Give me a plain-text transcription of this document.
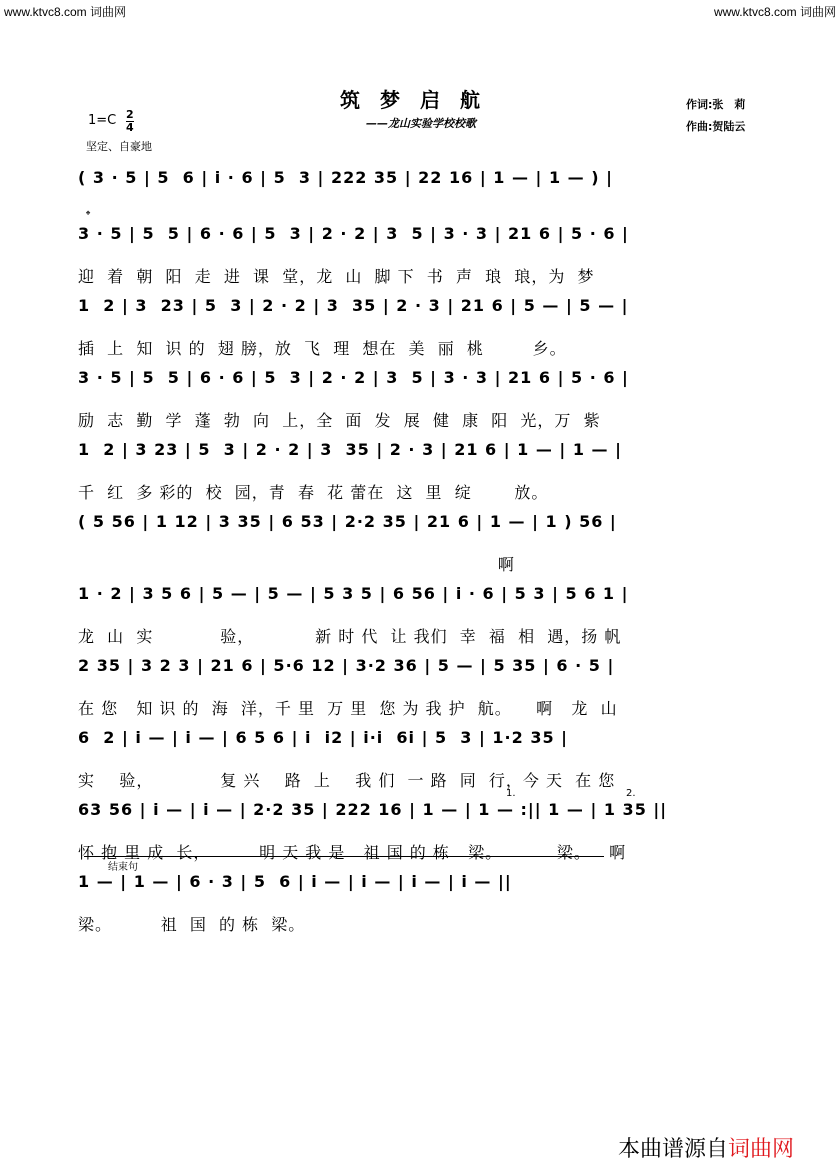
www.ktvc8.com 词曲网	www.ktvc8.com 词曲网
筑梦启航
——龙山实验学校校歌
作词:张　莉
作曲:贺陆云
1=C 2
4
坚定、自豪地
( 3 · 5 | 5  6 | i · 6 | 5  3 | 222 35 | 22 16 | 1 — | 1 — ) |
𝄌
3 · 5 | 5  5 | 6 · 6 | 5  3 | 2 · 2 | 3  5 | 3 · 3 | 21 6 | 5 · 6 |
迎  着  朝  阳  走  进  课  堂，龙  山  脚 下  书  声  琅  琅，为  梦
1  2 | 3  23 | 5  3 | 2 · 2 | 3  35 | 2 · 3 | 21 6 | 5 — | 5 — |
插  上  知  识 的  翅 膀，放  飞  理  想在  美  丽  桃        乡。
3 · 5 | 5  5 | 6 · 6 | 5  3 | 2 · 2 | 3  5 | 3 · 3 | 21 6 | 5 · 6 |
励  志  勤  学  蓬  勃  向  上，全  面  发  展  健  康  阳  光，万  紫
1  2 | 3 23 | 5  3 | 2 · 2 | 3  35 | 2 · 3 | 21 6 | 1 — | 1 — |
千  红  多 彩的  校  园，青  春  花 蕾在  这  里  绽       放。
( 5 56 | 1 12 | 3 35 | 6 53 | 2·2 35 | 21 6 | 1 — | 1 ) 56 |
啊
1 · 2 | 3 5 6 | 5 — | 5 — | 5 3 5 | 6 56 | i · 6 | 5 3 | 5 6 1 |
龙  山  实           验，          新 时 代  让 我们  幸  福  相  遇，扬 帆
2 35 | 3 2 3 | 21 6 | 5·6 12 | 3·2 36 | 5 — | 5 35 | 6 · 5 |
在 您   知 识 的  海  洋，千 里  万 里  您 为 我 护  航。    啊   龙  山
6  2 | i — | i — | 6 5 6 | i  i2 | i·i  6i | 5  3 | 1·2 35 |
实    验，           复 兴    路  上    我 们  一 路  同  行，今 天  在 您
1.	2.
63 56 | i — | i — | 2·2 35 | 222 16 | 1 — | 1 — :|| 1 — | 1 35 ||
怀 抱 里 成  长，        明 天 我 是   祖 国 的 栋   梁。         梁。   啊
结束句
1 — | 1 — | 6 · 3 | 5  6 | i — | i — | i — | i — ||
梁。        祖  国  的 栋  梁。
本曲谱源自词曲网
